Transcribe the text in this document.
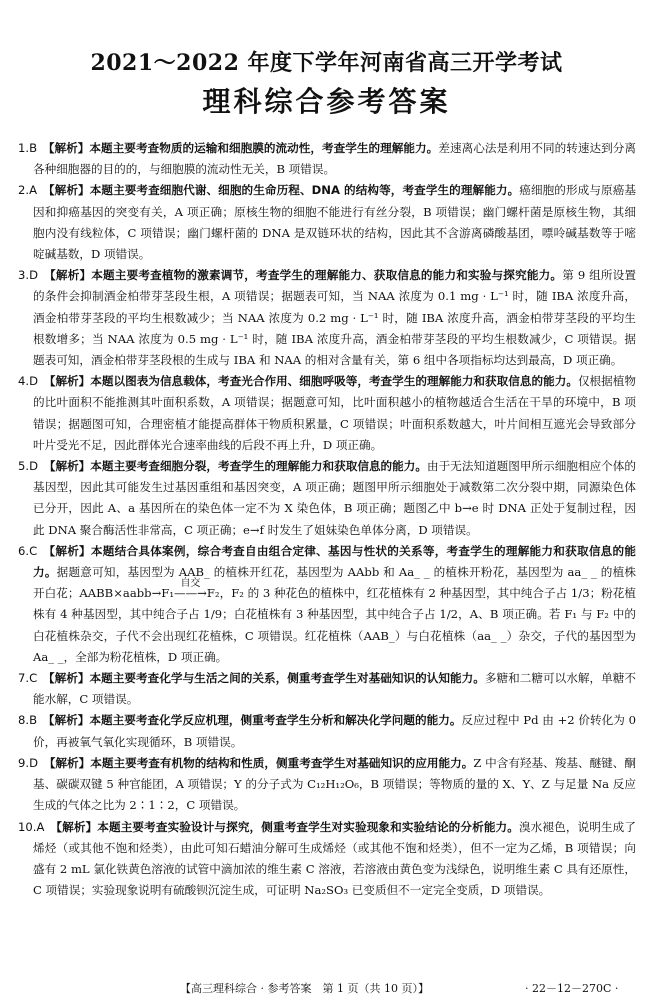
2021～2022 年度下学年河南省高三开学考试
理科综合参考答案

1.B　 【解析】本题主要考查物质的运输和细胞膜的流动性，考查学生的理解能力。差速离心法是利用不同的转速达到分离各种细胞器的目的的，与细胞膜的流动性无关，B 项错误。

2.A　 【解析】本题主要考查细胞代谢、细胞的生命历程、DNA 的结构等，考查学生的理解能力。癌细胞的形成与原癌基因和抑癌基因的突变有关，A 项正确；原核生物的细胞不能进行有丝分裂，B 项错误；幽门螺杆菌是原核生物，其细胞内没有线粒体，C 项错误；幽门螺杆菌的 DNA 是双链环状的结构，因此其不含游离磷酸基团，嘌呤碱基数等于嘧啶碱基数，D 项错误。

3.D　 【解析】本题主要考查植物的激素调节，考查学生的理解能力、获取信息的能力和实验与探究能力。第 9 组所设置的条件会抑制酒金柏带芽茎段生根，A 项错误；据题表可知，当 NAA 浓度为 0.1 mg · L⁻¹ 时，随 IBA 浓度升高，酒金柏带芽茎段的平均生根数减少；当 NAA 浓度为 0.2 mg · L⁻¹ 时，随 IBA 浓度升高，酒金柏带芽茎段的平均生根数增多；当 NAA 浓度为 0.5 mg · L⁻¹ 时，随 IBA 浓度升高，酒金柏带芽茎段的平均生根数减少，C 项错误。据题表可知，酒金柏带芽茎段根的生成与 IBA 和 NAA 的相对含量有关，第 6 组中各项指标均达到最高，D 项正确。

4.D　 【解析】本题以图表为信息载体，考查光合作用、细胞呼吸等，考查学生的理解能力和获取信息的能力。仅根据植物的比叶面积不能推测其叶面积系数，A 项错误；据题意可知，比叶面积越小的植物越适合生活在干旱的环境中，B 项错误；据题图可知，合理密植才能提高群体干物质积累量，C 项错误；叶面积系数越大，叶片间相互遮光会导致部分叶片受光不足，因此群体光合速率曲线的后段不再上升，D 项正确。

5.D　 【解析】本题主要考查细胞分裂，考查学生的理解能力和获取信息的能力。由于无法知道题图甲所示细胞相应个体的基因型，因此其可能发生过基因重组和基因突变，A 项正确；题图甲所示细胞处于减数第二次分裂中期，同源染色体已分开，因此 A、a 基因所在的染色体一定不为 X 染色体，B 项正确；题图乙中 b→e 时 DNA 正处于复制过程，因此 DNA 聚合酶活性非常高，C 项正确；e→f 时发生了姐妹染色单体分离，D 项错误。

6.C　 【解析】本题结合具体案例，综合考查自由组合定律、基因与性状的关系等，考查学生的理解能力和获取信息的能力。据题意可知，基因型为 AAB_ 的植株开红花，基因型为 AAbb 和 Aa_ _ 的植株开粉花，基因型为 aa_ _ 的植株开白花；AABB×aabb→F₁
自交
——→F₂，F₂ 的 3 种花色的植株中，红花植株有 2 种基因型，其中纯合子占 1/3；粉花植株有 4 种基因型，其中纯合子占 1/9；白花植株有 3 种基因型，其中纯合子占 1/2，A、B 项正确。若 F₁ 与 F₂ 中的白花植株杂交，子代不会出现红花植株，C 项错误。红花植株（AAB_）与白花植株（aa_ _）杂交，子代的基因型为 Aa_ _，全部为粉花植株，D 项正确。

7.C　 【解析】本题主要考查化学与生活之间的关系，侧重考查学生对基础知识的认知能力。多糖和二糖可以水解，单糖不能水解，C 项错误。

8.B　 【解析】本题主要考查化学反应机理，侧重考查学生分析和解决化学问题的能力。反应过程中 Pd 由 +2 价转化为 0 价，再被氧气氧化实现循环，B 项错误。

9.D　 【解析】本题主要考查有机物的结构和性质，侧重考查学生对基础知识的应用能力。Z 中含有羟基、羧基、醚键、酮基、碳碳双键 5 种官能团，A 项错误；Y 的分子式为 C₁₂H₁₂O₆，B 项错误；等物质的量的 X、Y、Z 与足量 Na 反应生成的气体之比为 2∶1∶2，C 项错误。

10.A　 【解析】本题主要考查实验设计与探究，侧重考查学生对实验现象和实验结论的分析能力。溴水褪色，说明生成了烯烃（或其他不饱和烃类），由此可知石蜡油分解可生成烯烃（或其他不饱和烃类），但不一定为乙烯，B 项错误；向盛有 2 mL 氯化铁黄色溶液的试管中滴加浓的维生素 C 溶液，若溶液由黄色变为浅绿色，说明维生素 C 具有还原性，C 项错误；实验现象说明有硫酸钡沉淀生成，可证明 Na₂SO₃ 已变质但不一定完全变质，D 项错误。

【高三理科综合 · 参考答案　第 1 页（共 10 页）】	· 22－12－270C ·
